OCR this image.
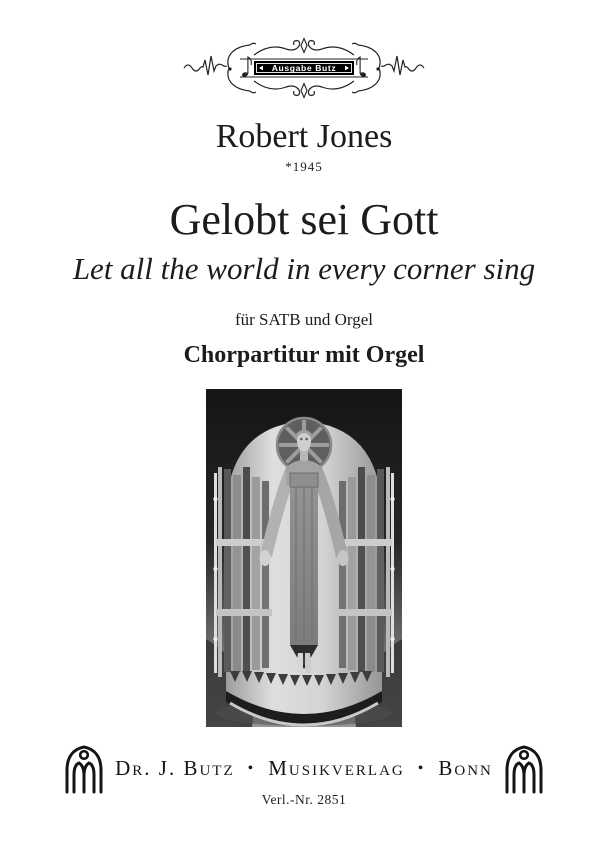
Ausgabe Butz
Robert Jones
*1945
Gelobt sei Gott
Let all the world in every corner sing
für SATB und Orgel
Chorpartitur mit Orgel
Dr. J. Butz • Musikverlag • Bonn
Verl.-Nr. 2851
